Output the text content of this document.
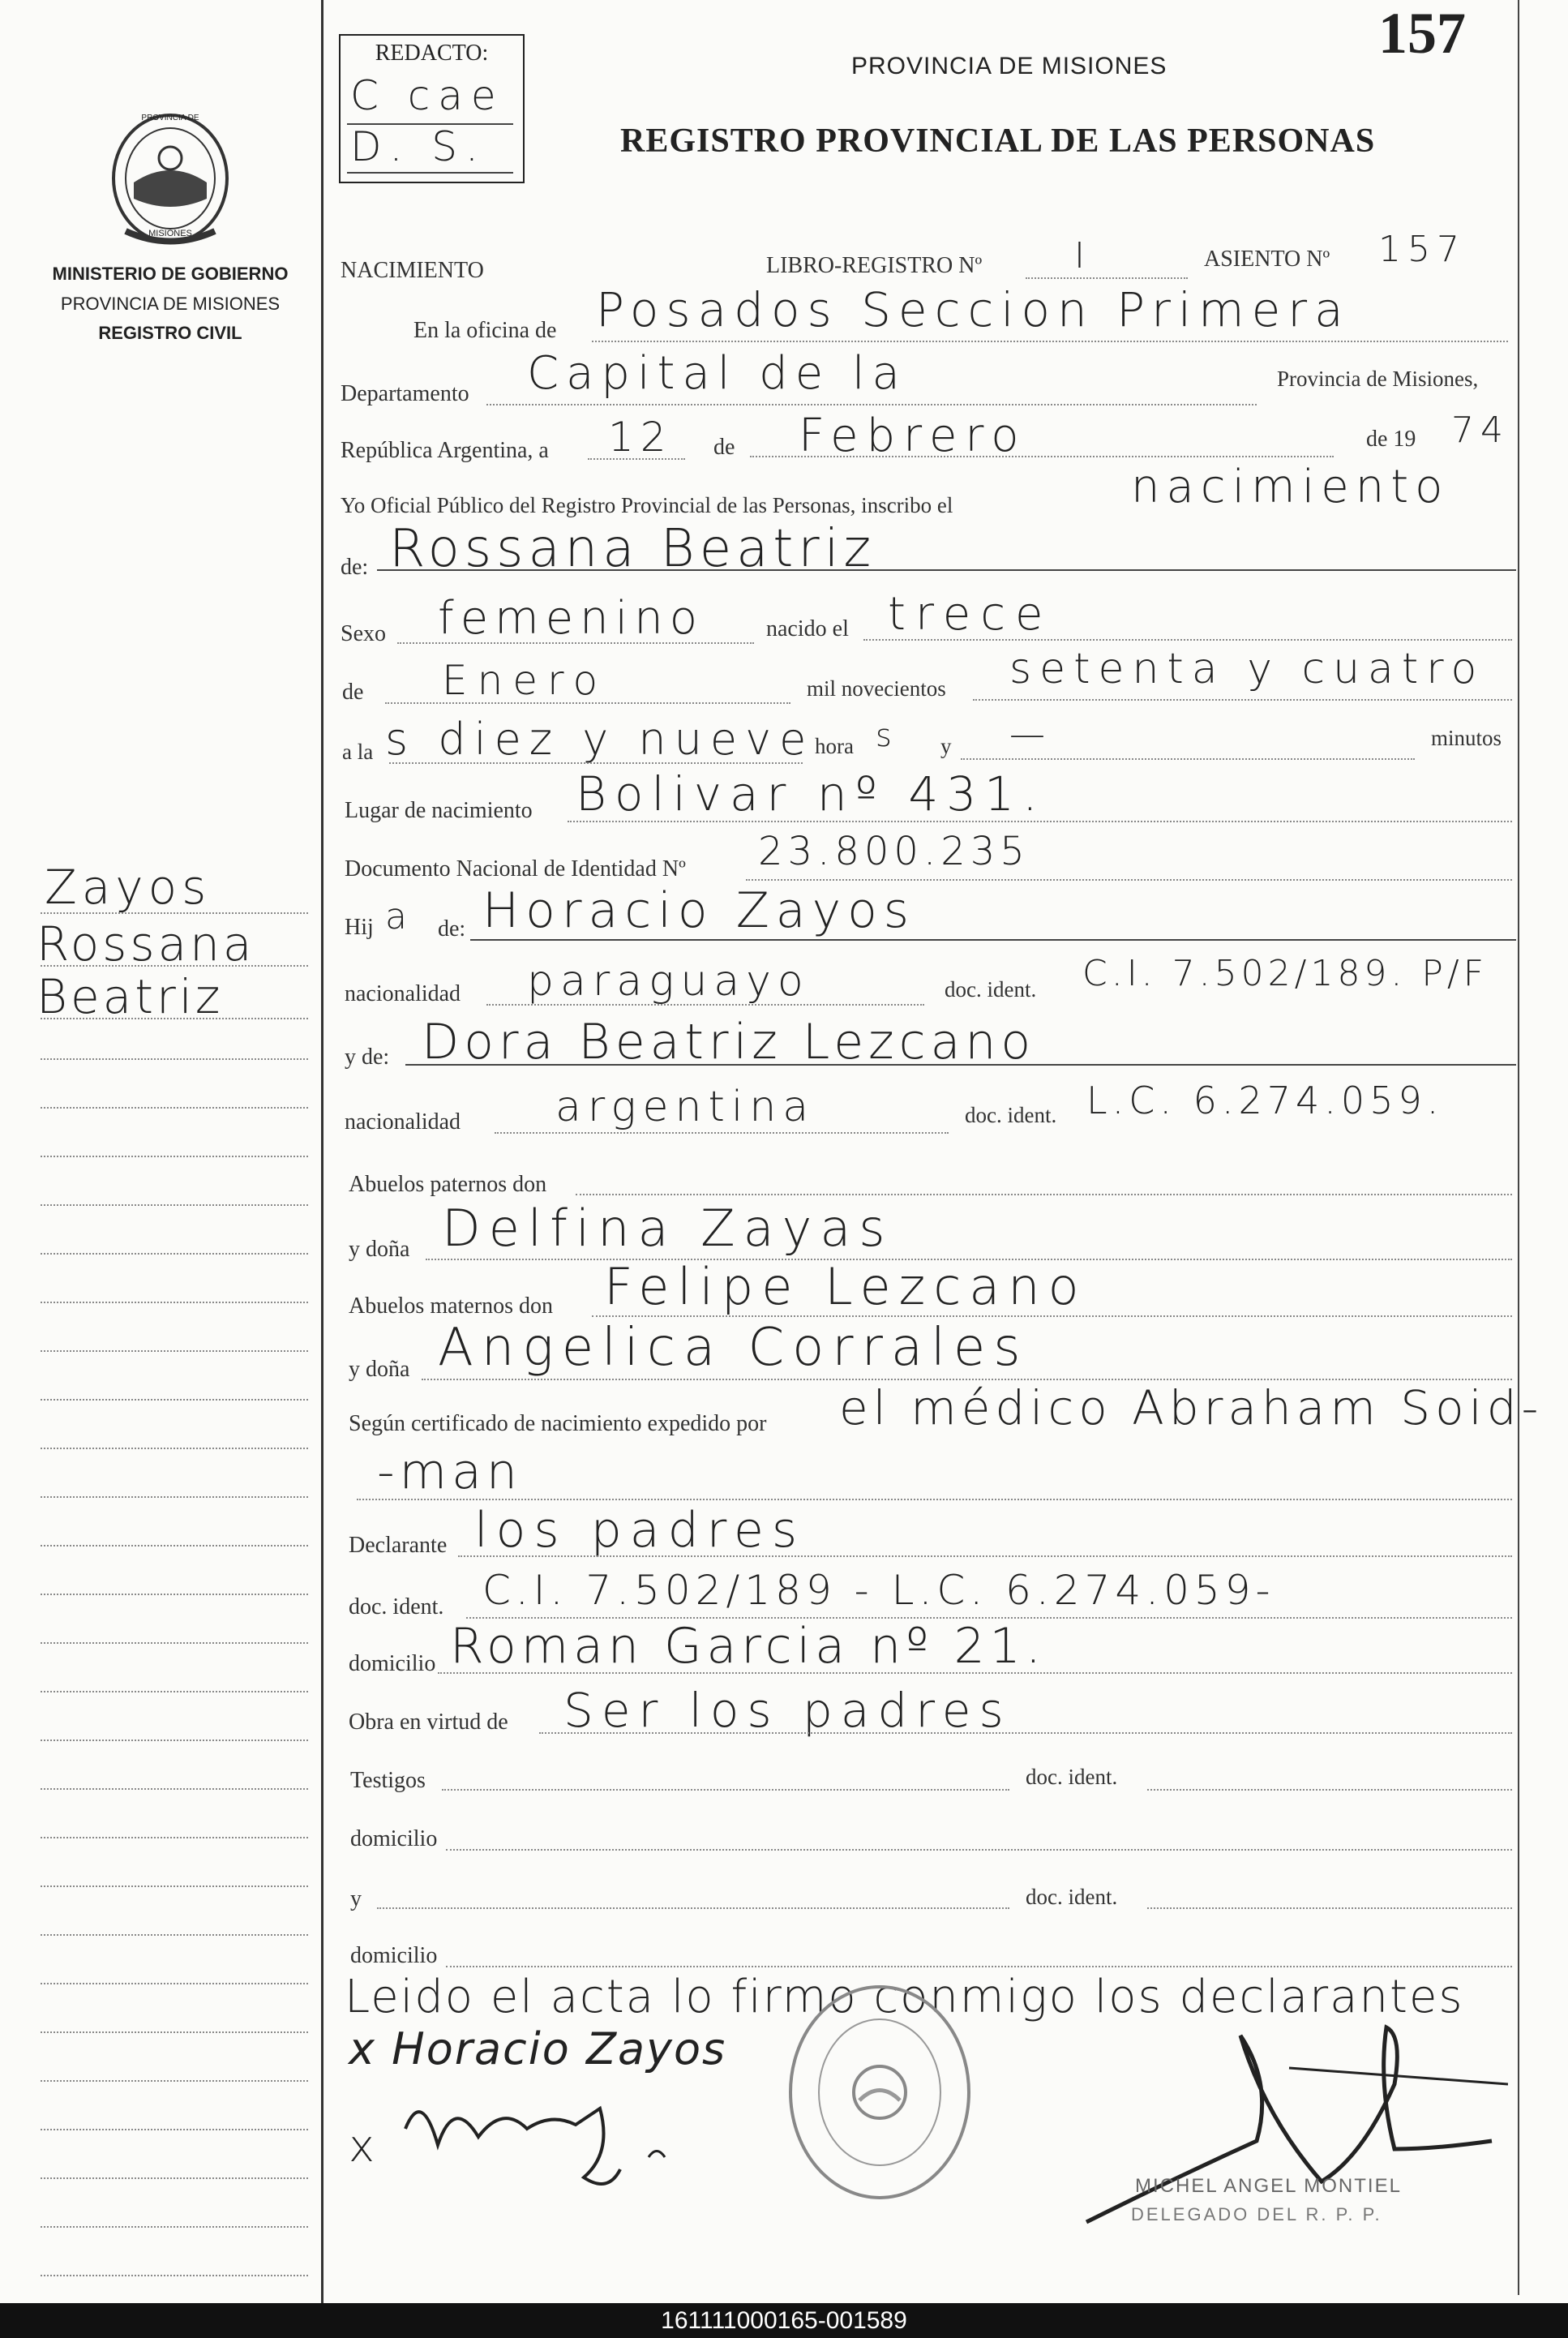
157
PROVINCIA DE
MISIONES
MINISTERIO DE GOBIERNO
PROVINCIA DE MISIONES
REGISTRO CIVIL
Zayos
Rossana
Beatriz
REDACTO:
C cae
D. S.
PROVINCIA DE MISIONES
REGISTRO PROVINCIAL DE LAS PERSONAS
NACIMIENTO	LIBRO-REGISTRO Nº	I	ASIENTO Nº 157
En la oficina de Posados Seccion Primera
Departamento Capital de la	Provincia de Misiones,
República Argentina, a 12 de Febrero	de 19 74
Yo Oficial Público del Registro Provincial de las Personas, inscribo el	nacimiento
de: Rossana Beatriz
Sexo femenino	nacido el trece
de Enero	mil novecientos setenta y cuatro
a la s diez y nueve hora s y —	minutos
Lugar de nacimiento Bolivar nº 431.
Documento Nacional de Identidad Nº 23.800.235
Hij a de: Horacio Zayos
nacionalidad paraguayo	doc. ident. C.I. 7.502/189. P/F
y de: Dora Beatriz Lezcano
nacionalidad argentina	doc. ident. L.C. 6.274.059.
Abuelos paternos don
y doña Delfina Zayas
Abuelos maternos don Felipe Lezcano
y doña Angelica Corrales
Según certificado de nacimiento expedido por el médico Abraham Soid-
-man
Declarante los padres
doc. ident. C.I. 7.502/189 - L.C. 6.274.059-
domicilio Roman Garcia nº 21.
Obra en virtud de Ser los padres
Testigos	doc. ident.
domicilio
y	doc. ident.
domicilio
Leido el acta lo firmo conmigo los declarantes
x Horacio Zayos
x
MICHEL ANGEL MONTIEL
DELEGADO DEL R. P. P.
161111000165-001589
